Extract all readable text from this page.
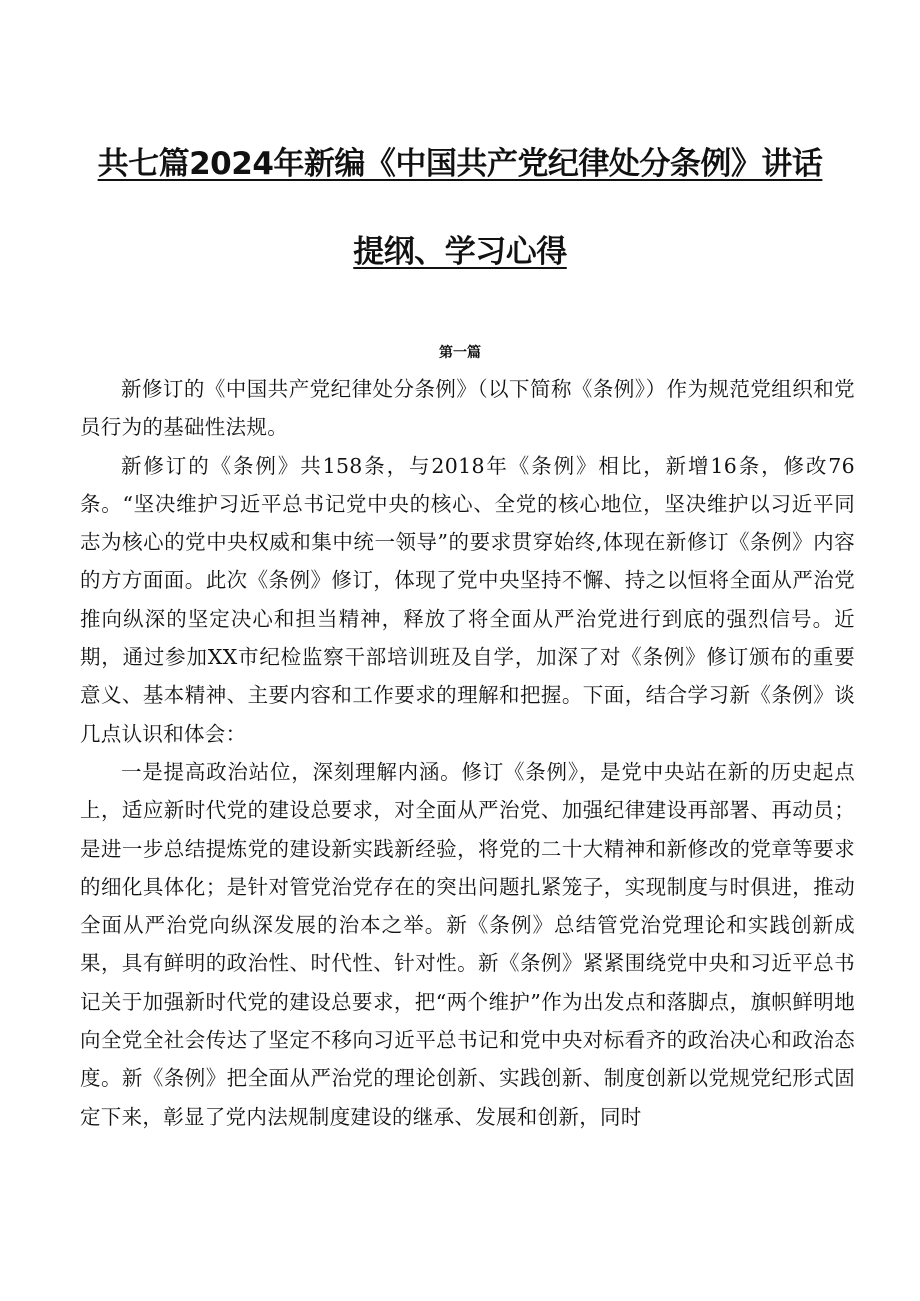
共七篇2024年新编《中国共产党纪律处分条例》讲话
提纲、学习心得
第一篇

新修订的《中国共产党纪律处分条例》（以下简称《条例》）作为规范党组织和党员行为的基础性法规。

新修订的《条例》共158条，与2018年《条例》相比，新增16条，修改76条。“坚决维护习近平总书记党中央的核心、全党的核心地位，坚决维护以习近平同志为核心的党中央权威和集中统一领导”的要求贯穿始终,体现在新修订《条例》内容的方方面面。此次《条例》修订，体现了党中央坚持不懈、持之以恒将全面从严治党推向纵深的坚定决心和担当精神，释放了将全面从严治党进行到底的强烈信号。近期，通过参加XX市纪检监察干部培训班及自学，加深了对《条例》修订颁布的重要意义、基本精神、主要内容和工作要求的理解和把握。下面，结合学习新《条例》谈几点认识和体会：

一是提高政治站位，深刻理解内涵。修订《条例》，是党中央站在新的历史起点上，适应新时代党的建设总要求，对全面从严治党、加强纪律建设再部署、再动员；是进一步总结提炼党的建设新实践新经验，将党的二十大精神和新修改的党章等要求的细化具体化；是针对管党治党存在的突出问题扎紧笼子，实现制度与时俱进，推动全面从严治党向纵深发展的治本之举。新《条例》总结管党治党理论和实践创新成果，具有鲜明的政治性、时代性、针对性。新《条例》紧紧围绕党中央和习近平总书记关于加强新时代党的建设总要求，把“两个维护”作为出发点和落脚点，旗帜鲜明地向全党全社会传达了坚定不移向习近平总书记和党中央对标看齐的政治决心和政治态度。新《条例》把全面从严治党的理论创新、实践创新、制度创新以党规党纪形式固定下来，彰显了党内法规制度建设的继承、发展和创新，同时
